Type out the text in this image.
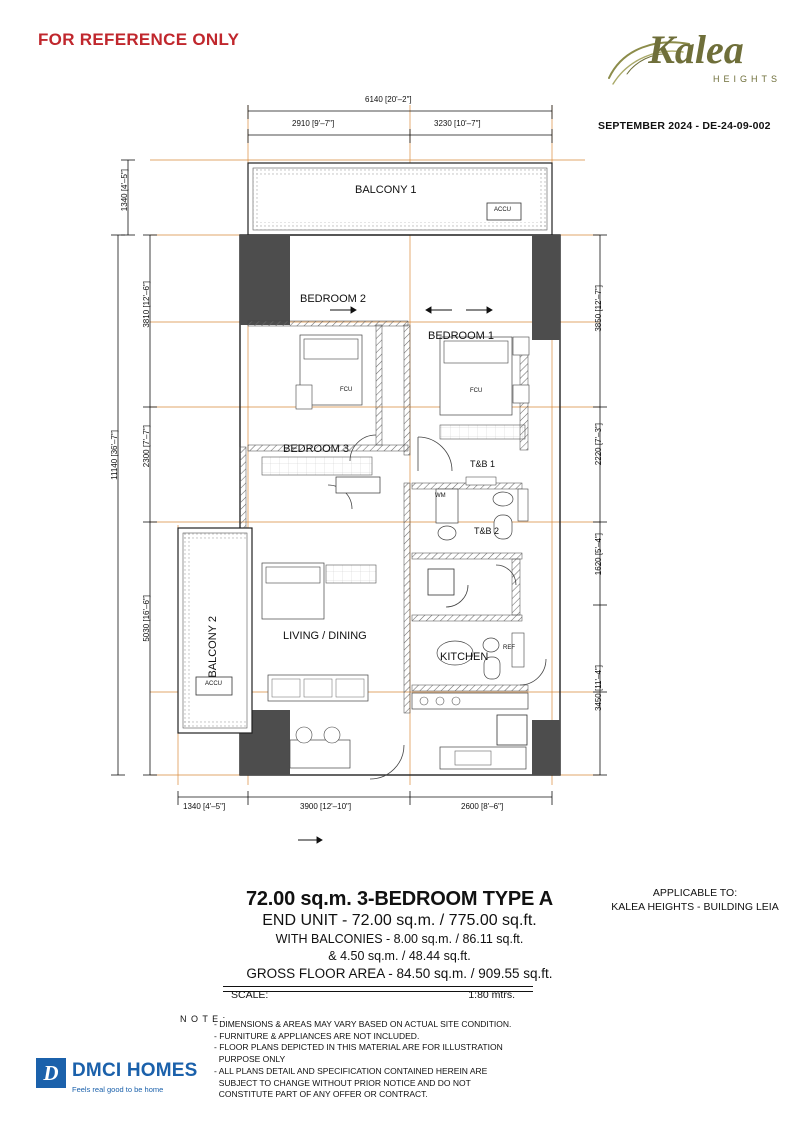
FOR REFERENCE ONLY	Kalea
HEIGHTS
SEPTEMBER 2024 - DE-24-09-002
6140 [20'–2"]
2910 [9'–7"]	3230 [10'–7"]
1340 [4'–5"]
3810 [12'–6"]
2300 [7'–7"]
5030 [16'–6"]
11140 [36'–7"]
3850 [12'–7"]
2220 [7'–3"]
1620 [5'–4"]
3450 [11'–4"]
1340 [4'–5"]	3900 [12'–10"]	2600 [8'–6"]
BALCONY 1
BEDROOM 2
BEDROOM 1
BEDROOM 3
T&B 1
T&B 2
BALCONY 2	LIVING / DINING
KITCHEN
ACCU
ACCU
FCU	FCU
WM
REF
72.00 sq.m. 3-BEDROOM TYPE A
END UNIT - 72.00 sq.m. / 775.00 sq.ft.
WITH BALCONIES - 8.00 sq.m. / 86.11 sq.ft.
& 4.50 sq.m. / 48.44 sq.ft.
GROSS FLOOR AREA - 84.50 sq.m. / 909.55 sq.ft.
SCALE:	1:80 mtrs.
APPLICABLE TO:
KALEA HEIGHTS - BUILDING LEIA
N O T E :
- DIMENSIONS & AREAS MAY VARY BASED ON ACTUAL SITE CONDITION.
- FURNITURE & APPLIANCES ARE NOT INCLUDED.
- FLOOR PLANS DEPICTED IN THIS MATERIAL ARE FOR ILLUSTRATION
PURPOSE ONLY
- ALL PLANS DETAIL AND SPECIFICATION CONTAINED HEREIN ARE
SUBJECT TO CHANGE WITHOUT PRIOR NOTICE AND DO NOT
CONSTITUTE PART OF ANY OFFER OR CONTRACT.
D DMCI HOMES
Feels real good to be home
